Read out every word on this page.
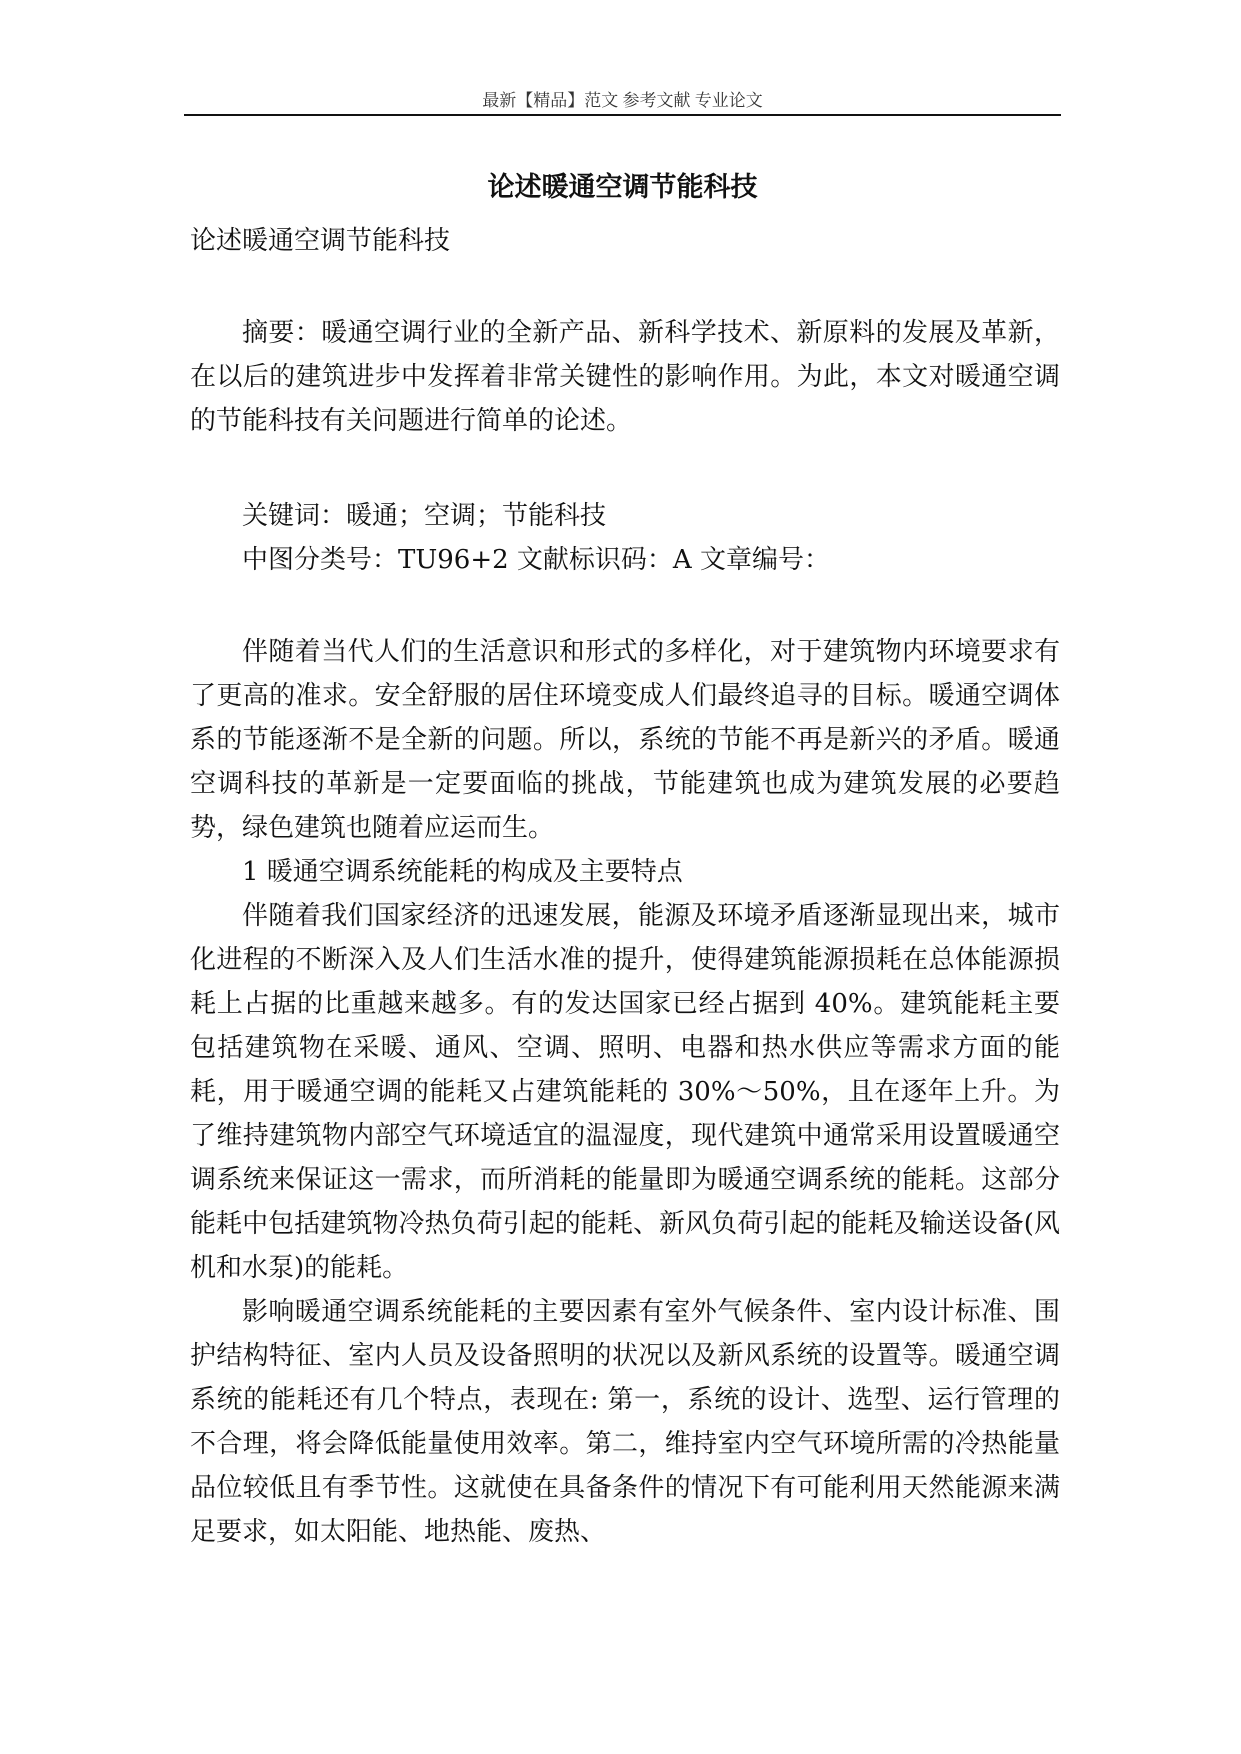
最新【精品】范文 参考文献 专业论文
论述暖通空调节能科技

论述暖通空调节能科技

摘要：暖通空调行业的全新产品、新科学技术、新原料的发展及革新，在以后的建筑进步中发挥着非常关键性的影响作用。为此，本文对暖通空调的节能科技有关问题进行简单的论述。

关键词：暖通；空调；节能科技

中图分类号：TU96+2 文献标识码：A 文章编号：

伴随着当代人们的生活意识和形式的多样化，对于建筑物内环境要求有了更高的准求。安全舒服的居住环境变成人们最终追寻的目标。暖通空调体系的节能逐渐不是全新的问题。所以，系统的节能不再是新兴的矛盾。暖通空调科技的革新是一定要面临的挑战，节能建筑也成为建筑发展的必要趋势，绿色建筑也随着应运而生。

1 暖通空调系统能耗的构成及主要特点

伴随着我们国家经济的迅速发展，能源及环境矛盾逐渐显现出来，城市化进程的不断深入及人们生活水准的提升，使得建筑能源损耗在总体能源损耗上占据的比重越来越多。有的发达国家已经占据到 40%。建筑能耗主要包括建筑物在采暖、通风、空调、照明、电器和热水供应等需求方面的能耗，用于暖通空调的能耗又占建筑能耗的 30%～50%，且在逐年上升。为了维持建筑物内部空气环境适宜的温湿度，现代建筑中通常采用设置暖通空调系统来保证这一需求，而所消耗的能量即为暖通空调系统的能耗。这部分能耗中包括建筑物冷热负荷引起的能耗、新风负荷引起的能耗及输送设备(风机和水泵)的能耗。

影响暖通空调系统能耗的主要因素有室外气候条件、室内设计标准、围护结构特征、室内人员及设备照明的状况以及新风系统的设置等。暖通空调系统的能耗还有几个特点，表现在: 第一，系统的设计、选型、运行管理的不合理，将会降低能量使用效率。第二，维持室内空气环境所需的冷热能量品位较低且有季节性。这就使在具备条件的情况下有可能利用天然能源来满足要求，如太阳能、地热能、废热、
